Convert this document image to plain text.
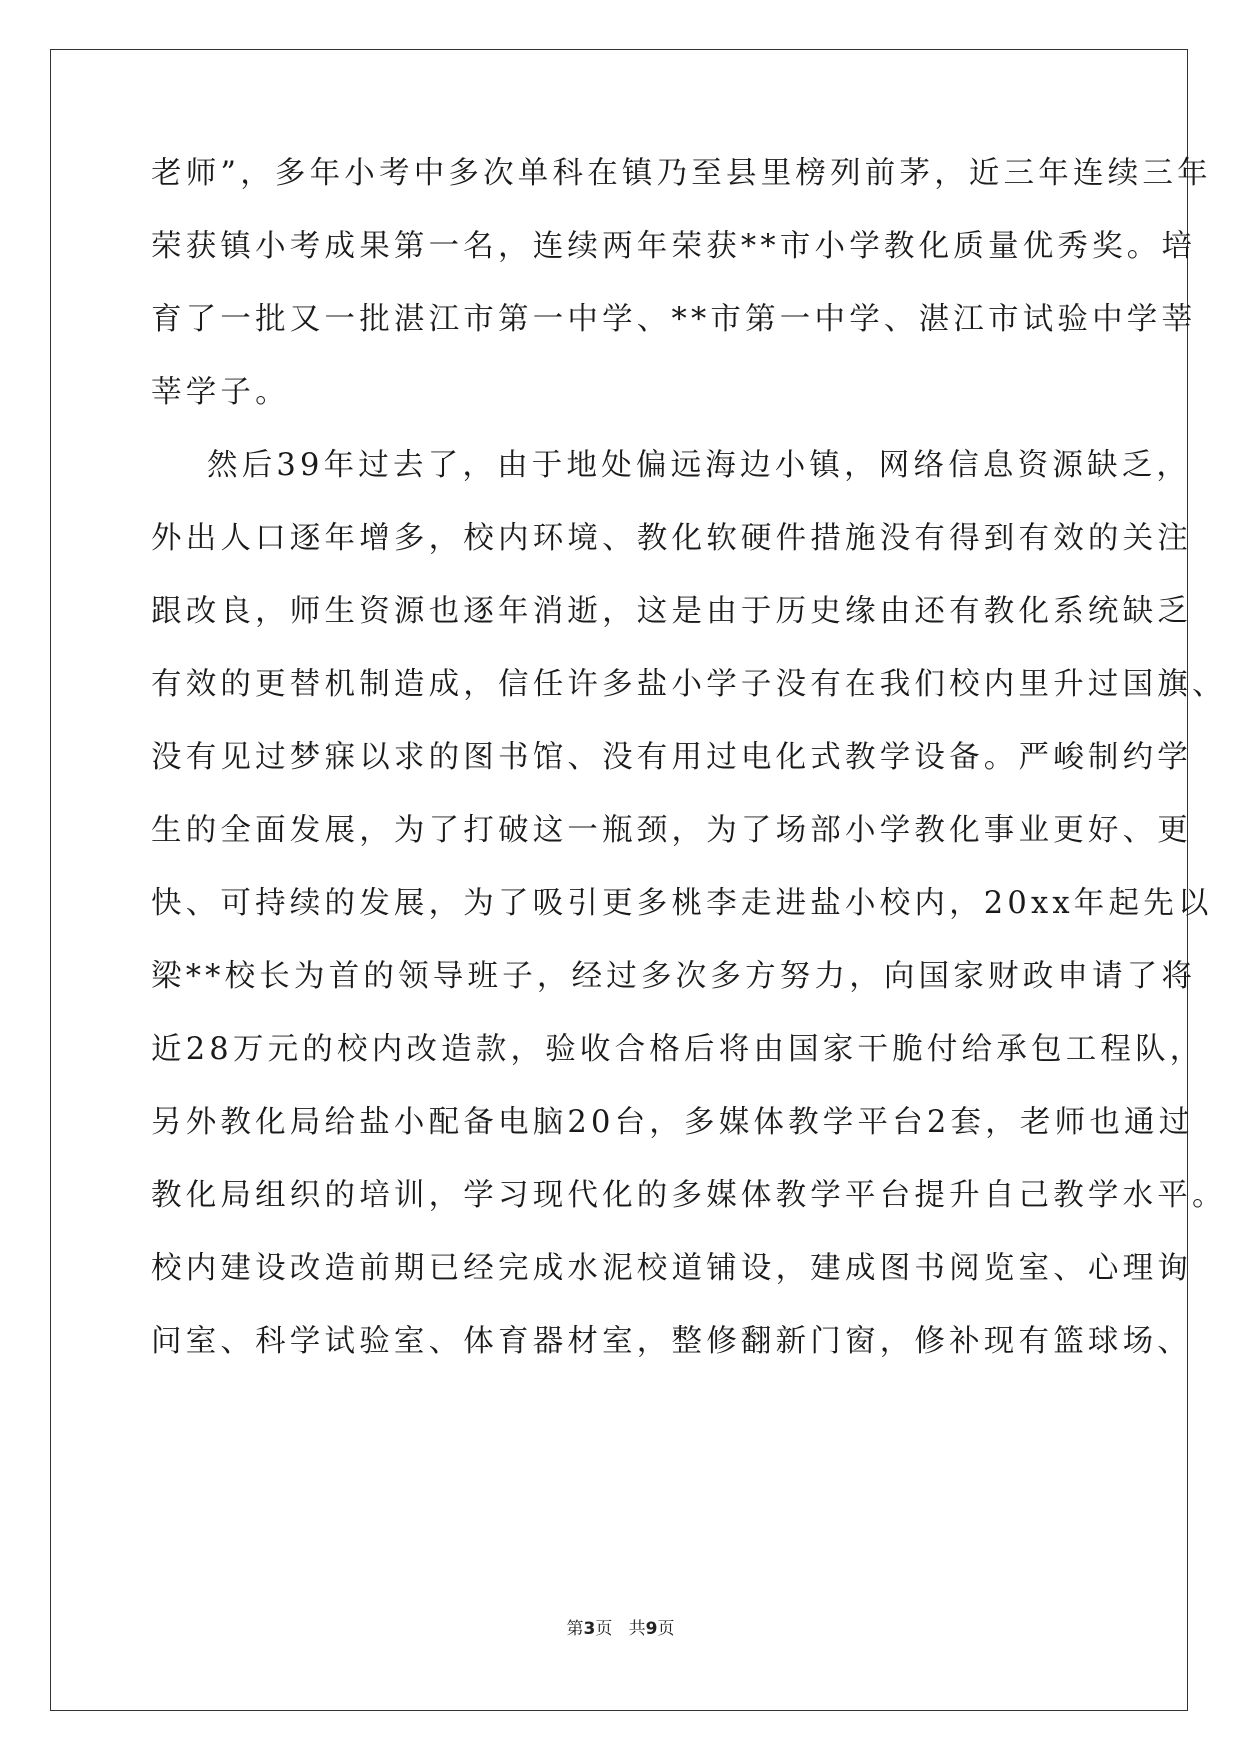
老师”，多年小考中多次单科在镇乃至县里榜列前茅，近三年连续三年
荣获镇小考成果第一名，连续两年荣获**市小学教化质量优秀奖。培
育了一批又一批湛江市第一中学、**市第一中学、湛江市试验中学莘
莘学子。
然后39年过去了，由于地处偏远海边小镇，网络信息资源缺乏，
外出人口逐年增多，校内环境、教化软硬件措施没有得到有效的关注
跟改良，师生资源也逐年消逝，这是由于历史缘由还有教化系统缺乏
有效的更替机制造成，信任许多盐小学子没有在我们校内里升过国旗、
没有见过梦寐以求的图书馆、没有用过电化式教学设备。严峻制约学
生的全面发展，为了打破这一瓶颈，为了场部小学教化事业更好、更
快、可持续的发展，为了吸引更多桃李走进盐小校内，20xx年起先以
梁**校长为首的领导班子，经过多次多方努力，向国家财政申请了将
近28万元的校内改造款，验收合格后将由国家干脆付给承包工程队，
另外教化局给盐小配备电脑20台，多媒体教学平台2套，老师也通过
教化局组织的培训，学习现代化的多媒体教学平台提升自己教学水平。
校内建设改造前期已经完成水泥校道铺设，建成图书阅览室、心理询
问室、科学试验室、体育器材室，整修翻新门窗，修补现有篮球场、
第3页   共9页
